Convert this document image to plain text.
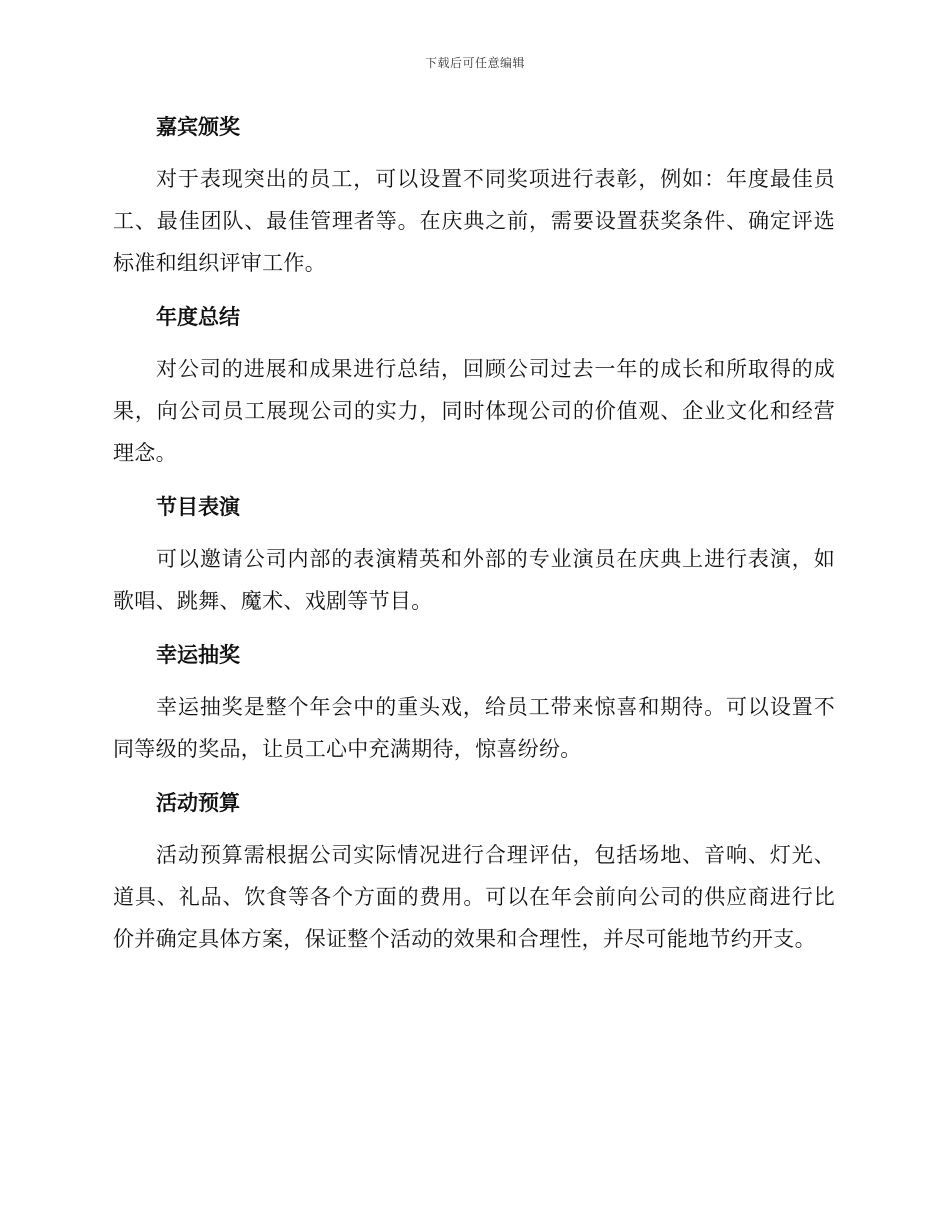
下载后可任意编辑
嘉宾颁奖

对于表现突出的员工，可以设置不同奖项进行表彰，例如：年度最佳员工、最佳团队、最佳管理者等。在庆典之前，需要设置获奖条件、确定评选标准和组织评审工作。

年度总结

对公司的进展和成果进行总结，回顾公司过去一年的成长和所取得的成果，向公司员工展现公司的实力，同时体现公司的价值观、企业文化和经营理念。

节目表演

可以邀请公司内部的表演精英和外部的专业演员在庆典上进行表演，如歌唱、跳舞、魔术、戏剧等节目。

幸运抽奖

幸运抽奖是整个年会中的重头戏，给员工带来惊喜和期待。可以设置不同等级的奖品，让员工心中充满期待，惊喜纷纷。

活动预算

活动预算需根据公司实际情况进行合理评估，包括场地、音响、灯光、道具、礼品、饮食等各个方面的费用。可以在年会前向公司的供应商进行比价并确定具体方案，保证整个活动的效果和合理性，并尽可能地节约开支。
